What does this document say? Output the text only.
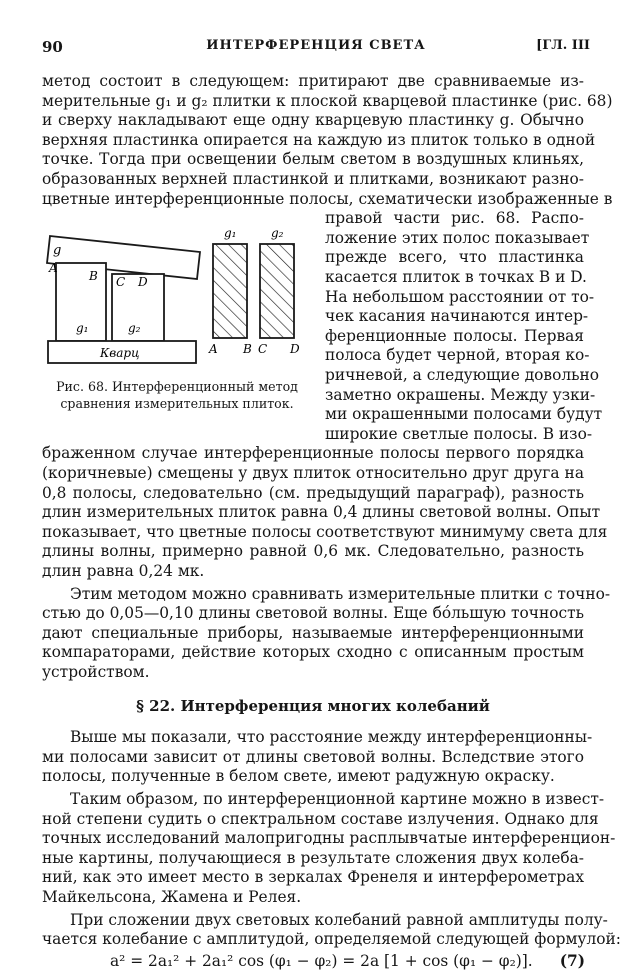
90	ИНТЕРФЕРЕНЦИЯ СВЕТА	[ГЛ. III
метод состоит в следующем: притирают две сравниваемые из-
мерительные g₁ и g₂ плитки к плоской кварцевой пластинке (рис. 68)
и сверху накладывают еще одну кварцевую пластинку g. Обычно
верхняя пластинка опирается на каждую из плиток только в одной
точке. Тогда при освещении белым светом в воздушных клиньях,
образованных верхней пластинкой и плитками, возникают разно-
цветные интерференционные полосы, схематически изображенные в
правой части рис. 68. Распо-
ложение этих полос показывает
прежде всего, что пластинка
касается плиток в точках B и D.
На небольшом расстоянии от то-
чек касания начинаются интер-
ференционные полосы. Первая
полоса будет черной, вторая ко-
ричневой, а следующие довольно
заметно окрашены. Между узки-
ми окрашенными полосами будут
широкие светлые полосы. В изо-
g
A
B C D
g₁	g₂
Кварц
g₁	g₂
A B C D
Рис. 68. Интерференционный метод
сравнения измерительных плиток.
браженном случае интерференционные полосы первого порядка
(коричневые) смещены у двух плиток относительно друг друга на
0,8 полосы, следовательно (см. предыдущий параграф), разность
длин измерительных плиток равна 0,4 длины световой волны. Опыт
показывает, что цветные полосы соответствуют минимуму света для
длины волны, примерно равной 0,6 мк. Следовательно, разность
длин равна 0,24 мк.
Этим методом можно сравнивать измерительные плитки с точно-
§ 22. Интерференция многих колебаний
Выше мы показали, что расстояние между интерференционны-
ми полосами зависит от длины световой волны. Вследствие этого
полосы, полученные в белом свете, имеют радужную окраску.
Таким образом, по интерференционной картине можно в извест-
ной степени судить о спектральном составе излучения. Однако для
точных исследований малопригодны расплывчатые интерференцион-
ные картины, получающиеся в результате сложения двух колеба-
ний, как это имеет место в зеркалах Френеля и интерферометрах
a² = 2a₁² + 2a₁² cos (φ₁ − φ₂) = 2a [1 + cos (φ₁ − φ₂)]. (7)
стью до 0,05—0,10 длины световой волны. Еще бóльшую точность
дают специальные приборы, называемые интерференционными
компараторами, действие которых сходно с описанным простым
устройством.
Майкельсона, Жамена и Релея.
При сложении двух световых колебаний равной амплитуды полу-
чается колебание с амплитудой, определяемой следующей формулой:
